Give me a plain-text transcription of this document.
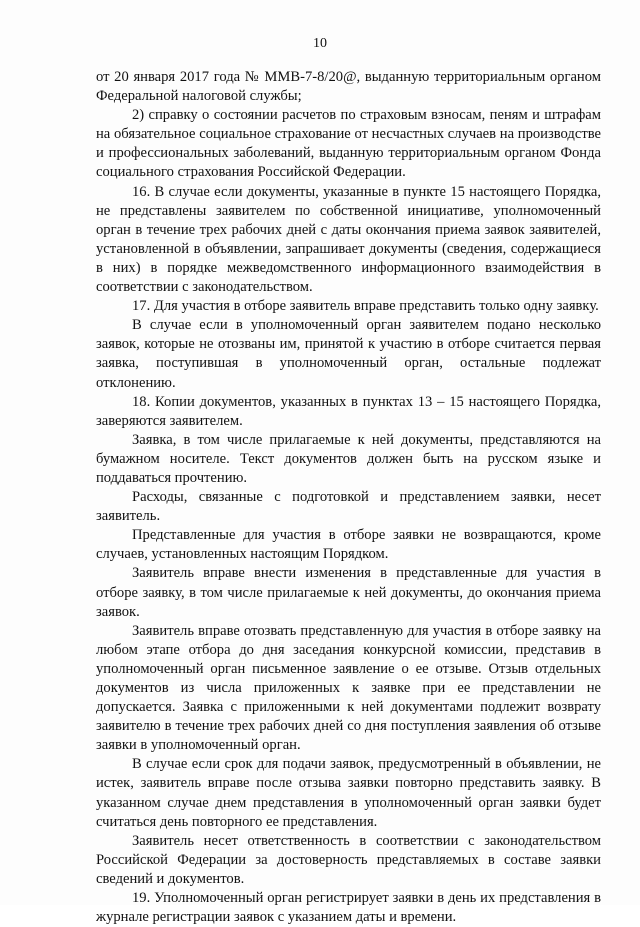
10

от 20 января 2017 года № ММВ-7-8/20@, выданную территориальным органом Федеральной налоговой службы;

2) справку о состоянии расчетов по страховым взносам, пеням и штрафам на обязательное социальное страхование от несчастных случаев на производстве и профессиональных заболеваний, выданную территориальным органом Фонда социального страхования Российской Федерации.

16. В случае если документы, указанные в пункте 15 настоящего Порядка, не представлены заявителем по собственной инициативе, уполномоченный орган в течение трех рабочих дней с даты окончания приема заявок заявителей, установленной в объявлении, запрашивает документы (сведения, содержащиеся в них) в порядке межведомственного информационного взаимодействия в соответствии с законодательством.

17. Для участия в отборе заявитель вправе представить только одну заявку.

В случае если в уполномоченный орган заявителем подано несколько заявок, которые не отозваны им, принятой к участию в отборе считается первая заявка, поступившая в уполномоченный орган, остальные подлежат отклонению.

18. Копии документов, указанных в пунктах 13 – 15 настоящего Порядка, заверяются заявителем.

Заявка, в том числе прилагаемые к ней документы, представляются на бумажном носителе. Текст документов должен быть на русском языке и поддаваться прочтению.

Расходы, связанные с подготовкой и представлением заявки, несет заявитель.

Представленные для участия в отборе заявки не возвращаются, кроме случаев, установленных настоящим Порядком.

Заявитель вправе внести изменения в представленные для участия в отборе заявку, в том числе прилагаемые к ней документы, до окончания приема заявок.

Заявитель вправе отозвать представленную для участия в отборе заявку на любом этапе отбора до дня заседания конкурсной комиссии, представив в уполномоченный орган письменное заявление о ее отзыве. Отзыв отдельных документов из числа приложенных к заявке при ее представлении не допускается. Заявка с приложенными к ней документами подлежит возврату заявителю в течение трех рабочих дней со дня поступления заявления об отзыве заявки в уполномоченный орган.

В случае если срок для подачи заявок, предусмотренный в объявлении, не истек, заявитель вправе после отзыва заявки повторно представить заявку. В указанном случае днем представления в уполномоченный орган заявки будет считаться день повторного ее представления.

Заявитель несет ответственность в соответствии с законодательством Российской Федерации за достоверность представляемых в составе заявки сведений и документов.

19. Уполномоченный орган регистрирует заявки в день их представления в журнале регистрации заявок с указанием даты и времени.
